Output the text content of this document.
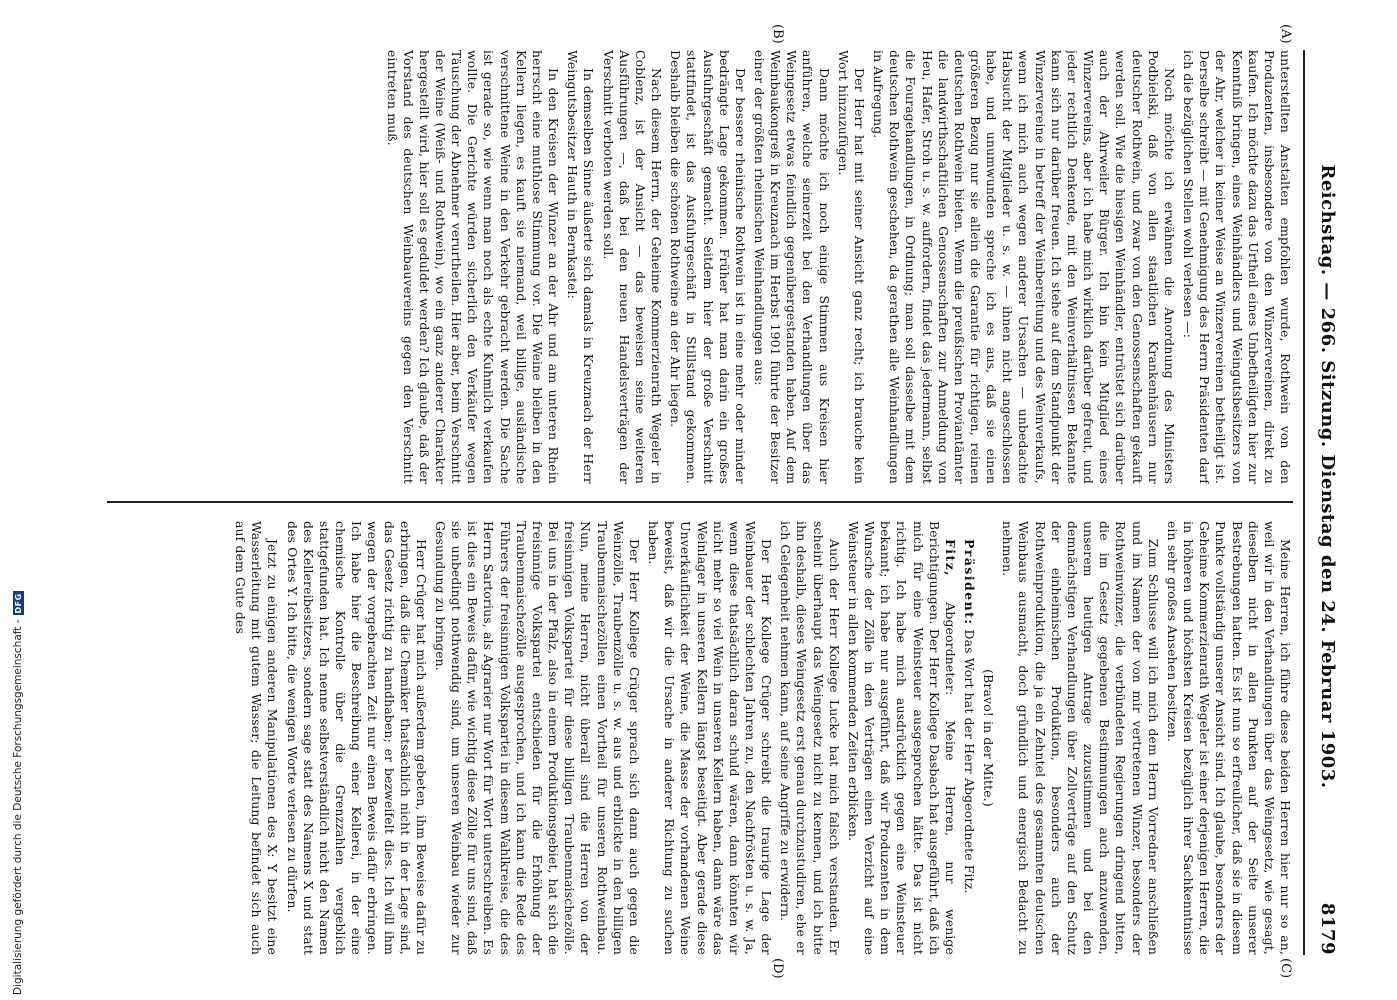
Digitalisierung gefördert durch die Deutsche Forschungsgemeinschaft -
DFG	Reichstag. — 266. Sitzung. Dienstag den 24. Februar 1903.
8179
(A)
(B)
(C)
(D)

unterstellten Anstalten empfohlen wurde, Rothwein von den Produzenten, insbesondere von den Winzervereinen, direkt zu kaufen. Ich möchte dazu das Urtheil eines Unbetheiligten hier zur Kenntniß bringen, eines Weinhändlers und Weingutsbesitzers von der Ahr, welcher in keiner Weise an Winzervereinen betheiligt ist. Derselbe schreibt — mit Genehmigung des Herrn Präsidenten darf ich die bezüglichen Stellen wohl verlesen —:

Noch möchte ich erwähnen die Anordnung des Ministers Podbielski, daß von allen staatlichen Krankenhäusern nur deutscher Rothwein, und zwar von den Genossenschaften gekauft werden soll. Wie die hiesigen Weinhändler, entrüstet sich darüber auch der Ahrweiler Bürger. Ich bin kein Mitglied eines Winzervereins, aber ich habe mich wirklich darüber gefreut, und jeder rechtlich Denkende, mit den Weinverhältnissen Bekannte kann sich nur darüber freuen. Ich stehe auf dem Standpunkt der Winzervereine in betreff der Weinbereitung und des Weinverkaufs, wenn ich mich auch wegen anderer Ursachen — unbedachte Habsucht der Mitglieder u. s. w. — ihnen nicht angeschlossen habe, und unumwunden spreche ich es aus, daß sie einen größeren Bezug nur sie allein die Garantie für richtigen, reinen deutschen Rothwein bieten. Wenn die preußischen Proviantämter die landwirthschaftlichen Genossenschaften zur Anmeldung von Heu, Hafer, Stroh u. s. w. auffordern, findet das jedermann, selbst die Fouragehandlungen, in Ordnung; man soll dasselbe mit dem deutschen Rothwein geschehen, da gerathen alle Weinhandlungen in Aufregung.

Der Herr hat mit seiner Ansicht ganz recht; ich brauche kein Wort hinzuzufügen.

Dann möchte ich noch einige Stimmen aus Kreisen hier anführen, welche seinerzeit bei den Verhandlungen über das Weingesetz etwas feindlich gegenübergestanden haben. Auf dem Weinbaukongreß in Kreuznach im Herbst 1901 führte der Besitzer einer der größten rheinischen Weinhandlungen aus:

Der bessere rheinische Rothwein ist in eine mehr oder minder bedrängte Lage gekommen. Früher hat man darin ein großes Ausfuhrgeschäft gemacht. Seitdem hier der große Verschnitt stattfindet, ist das Ausfuhrgeschäft in Stillstand gekommen. Deshalb bleiben die schönen Rothweine an der Ahr liegen.

Nach diesem Herrn, der Geheime Kommerzienrath Wegeler in Coblenz, ist der Ansicht — das beweisen seine weiteren Ausführungen —, daß bei den neuen Handelsverträgen der Verschnitt verboten werden soll.

In demselben Sinne äußerte sich damals in Kreuznach der Herr Weingutsbesitzer Hauth in Bernkastel:

In den Kreisen der Winzer an der Ahr und am unteren Rhein herrscht eine muthlose Stimmung vor. Die Weine bleiben in den Kellern liegen, es kauft sie niemand, weil billige, ausländische verschnittene Weine in den Verkehr gebracht werden. Die Sache ist gerade so, wie wenn man noch als echte Kuhmilch verkaufen wollte. Die Gerichte würden sicherlich den Verkäufer wegen Täuschung der Abnehmer verurtheilen. Hier aber, beim Verschnitt der Weine (Weiß- und Rothwein), wo ein ganz anderer Charakter hergestellt wird, hier soll es geduldet werden? Ich glaube, daß der Vorstand des deutschen Weinbauvereins gegen den Verschnitt eintreten muß.

Meine Herren, ich führe diese beiden Herren hier nur so an, weil wir in den Verhandlungen über das Weingesetz, wie gesagt, dieselben nicht in allen Punkten auf der Seite unserer Bestrebungen hatten. Es ist nun so erfreulicher, daß sie in diesem Punkte vollständig unserer Ansicht sind. Ich glaube, besonders der Geheime Kommerzienrath Wegeler ist einer derjenigen Herren, die in höheren und höchsten Kreisen bezüglich ihrer Sachkenntnisse ein sehr großes Ansehen besitzen.

Zum Schlusse will ich mich dem Herrn Vorredner anschließen und im Namen der von mir vertretenen Winzer, besonders der Rothweinwinzer, die verbündeten Regierungen dringend bitten, die im Gesetz gegebenen Bestimmungen auch anzuwenden, unserem heutigen Antrage zuzustimmen und bei den demnächstigen Verhandlungen über Zollverträge auf den Schutz der einheimischen Produktion, besonders auch der Rothweinproduktion, die ja ein Zehntel des gesammten deutschen Weinbaus ausmacht, doch gründlich und energisch Bedacht zu nehmen.

(Bravo! in der Mitte.)

Präsident: Das Wort hat der Herr Abgeordnete Fitz.

Fitz, Abgeordneter: Meine Herren, nur wenige Berichtigungen. Der Herr Kollege Dasbach hat ausgeführt, daß ich mich für eine Weinsteuer ausgesprochen hätte. Das ist nicht richtig. Ich habe mich ausdrücklich gegen eine Weinsteuer bekannt; ich habe nur ausgeführt, daß wir Produzenten in dem Wunsche der Zölle in den Verträgen einen Verzicht auf eine Weinsteuer in allen kommenden Zeiten erblicken.

Auch der Herr Kollege Lucke hat mich falsch verstanden. Er scheint überhaupt das Weingesetz nicht zu kennen, und ich bitte ihn deshalb, dieses Weingesetz erst genau durchzustudiren, ehe er ich Gelegenheit nehmen kann, auf seine Angriffe zu erwidern.

Der Herr Kollege Crüger schreibt die traurige Lage der Weinbauer der schlechten Jahren zu, den Nachfrösten u. s. w. Ja, wenn diese thatsächlich daran schuld wären, dann könnten wir nicht mehr so viel Wein in unseren Kellern haben, dann wäre das Weinlager in unseren Kellern längst beseitigt. Aber gerade diese Unverkäuflichkeit der Weine, die Masse der vorhandenen Weine beweist, daß wir die Ursache in anderer Richtung zu suchen haben.

Der Herr Kollege Crüger sprach sich dann auch gegen die Weinzölle, Traubenzölle u. s. w. aus und erblickte in den billigen Traubenmaischezöllen einen Vortheil für unseren Rothweinbau. Nun, meine Herren, nicht überall sind die Herren von der freisinnigen Volkspartei für diese billigen Traubenmaischezölle. Bei uns in der Pfalz, also in einem Produktionsgebiet, hat sich die freisinnige Volkspartei entschieden für die Erhöhung der Traubenmaischezölle ausgesprochen, und ich kann die Rede des Führers der freisinnigen Volkspartei in diesem Wahlkreise, die des Herrn Sartorius, als Agrarier nur Wort für Wort unterschreiben. Es ist dies ein Beweis dafür, wie wichtig diese Zölle für uns sind, daß sie unbedingt nothwendig sind, um unseren Weinbau wieder zur Gesundung zu bringen.

Herr Crüger hat mich außerdem gebeten, ihm Beweise dafür zu erbringen, daß die Chemiker thatsächlich nicht in der Lage sind, das Gesetz richtig zu handhaben; er bezweifelt dies. Ich will ihm wegen der vorgebrachten Zeit nur einen Beweis dafür erbringen. Ich habe hier die Beschreibung einer Kellerei, in der eine chemische Kontrolle über die Grenzzahlen vergeblich stattgefunden hat. Ich nenne selbstverständlich nicht den Namen des Kellereibesitzers, sondern sage statt des Namens X und statt des Ortes Y. Ich bitte, die wenigen Worte verlesen zu dürfen.

Jetzt zu einigen anderen Manipulationen des X: Y besitzt eine Wasserleitung mit gutem Wasser; die Leitung befindet sich auch auf dem Gute des
